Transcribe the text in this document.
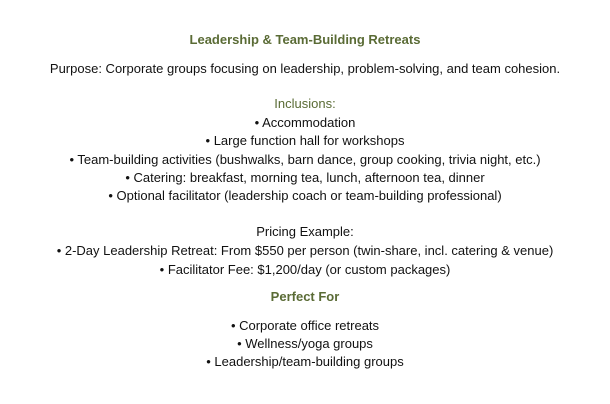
Leadership & Team-Building Retreats
Purpose: Corporate groups focusing on leadership, problem-solving, and team cohesion.
Inclusions:
• Accommodation
• Large function hall for workshops
• Team-building activities (bushwalks, barn dance, group cooking, trivia night, etc.)
• Catering: breakfast, morning tea, lunch, afternoon tea, dinner
• Optional facilitator (leadership coach or team-building professional)
Pricing Example:
• 2-Day Leadership Retreat: From $550 per person (twin-share, incl. catering & venue)
• Facilitator Fee: $1,200/day (or custom packages)
Perfect For
• Corporate office retreats
• Wellness/yoga groups
• Leadership/team-building groups
